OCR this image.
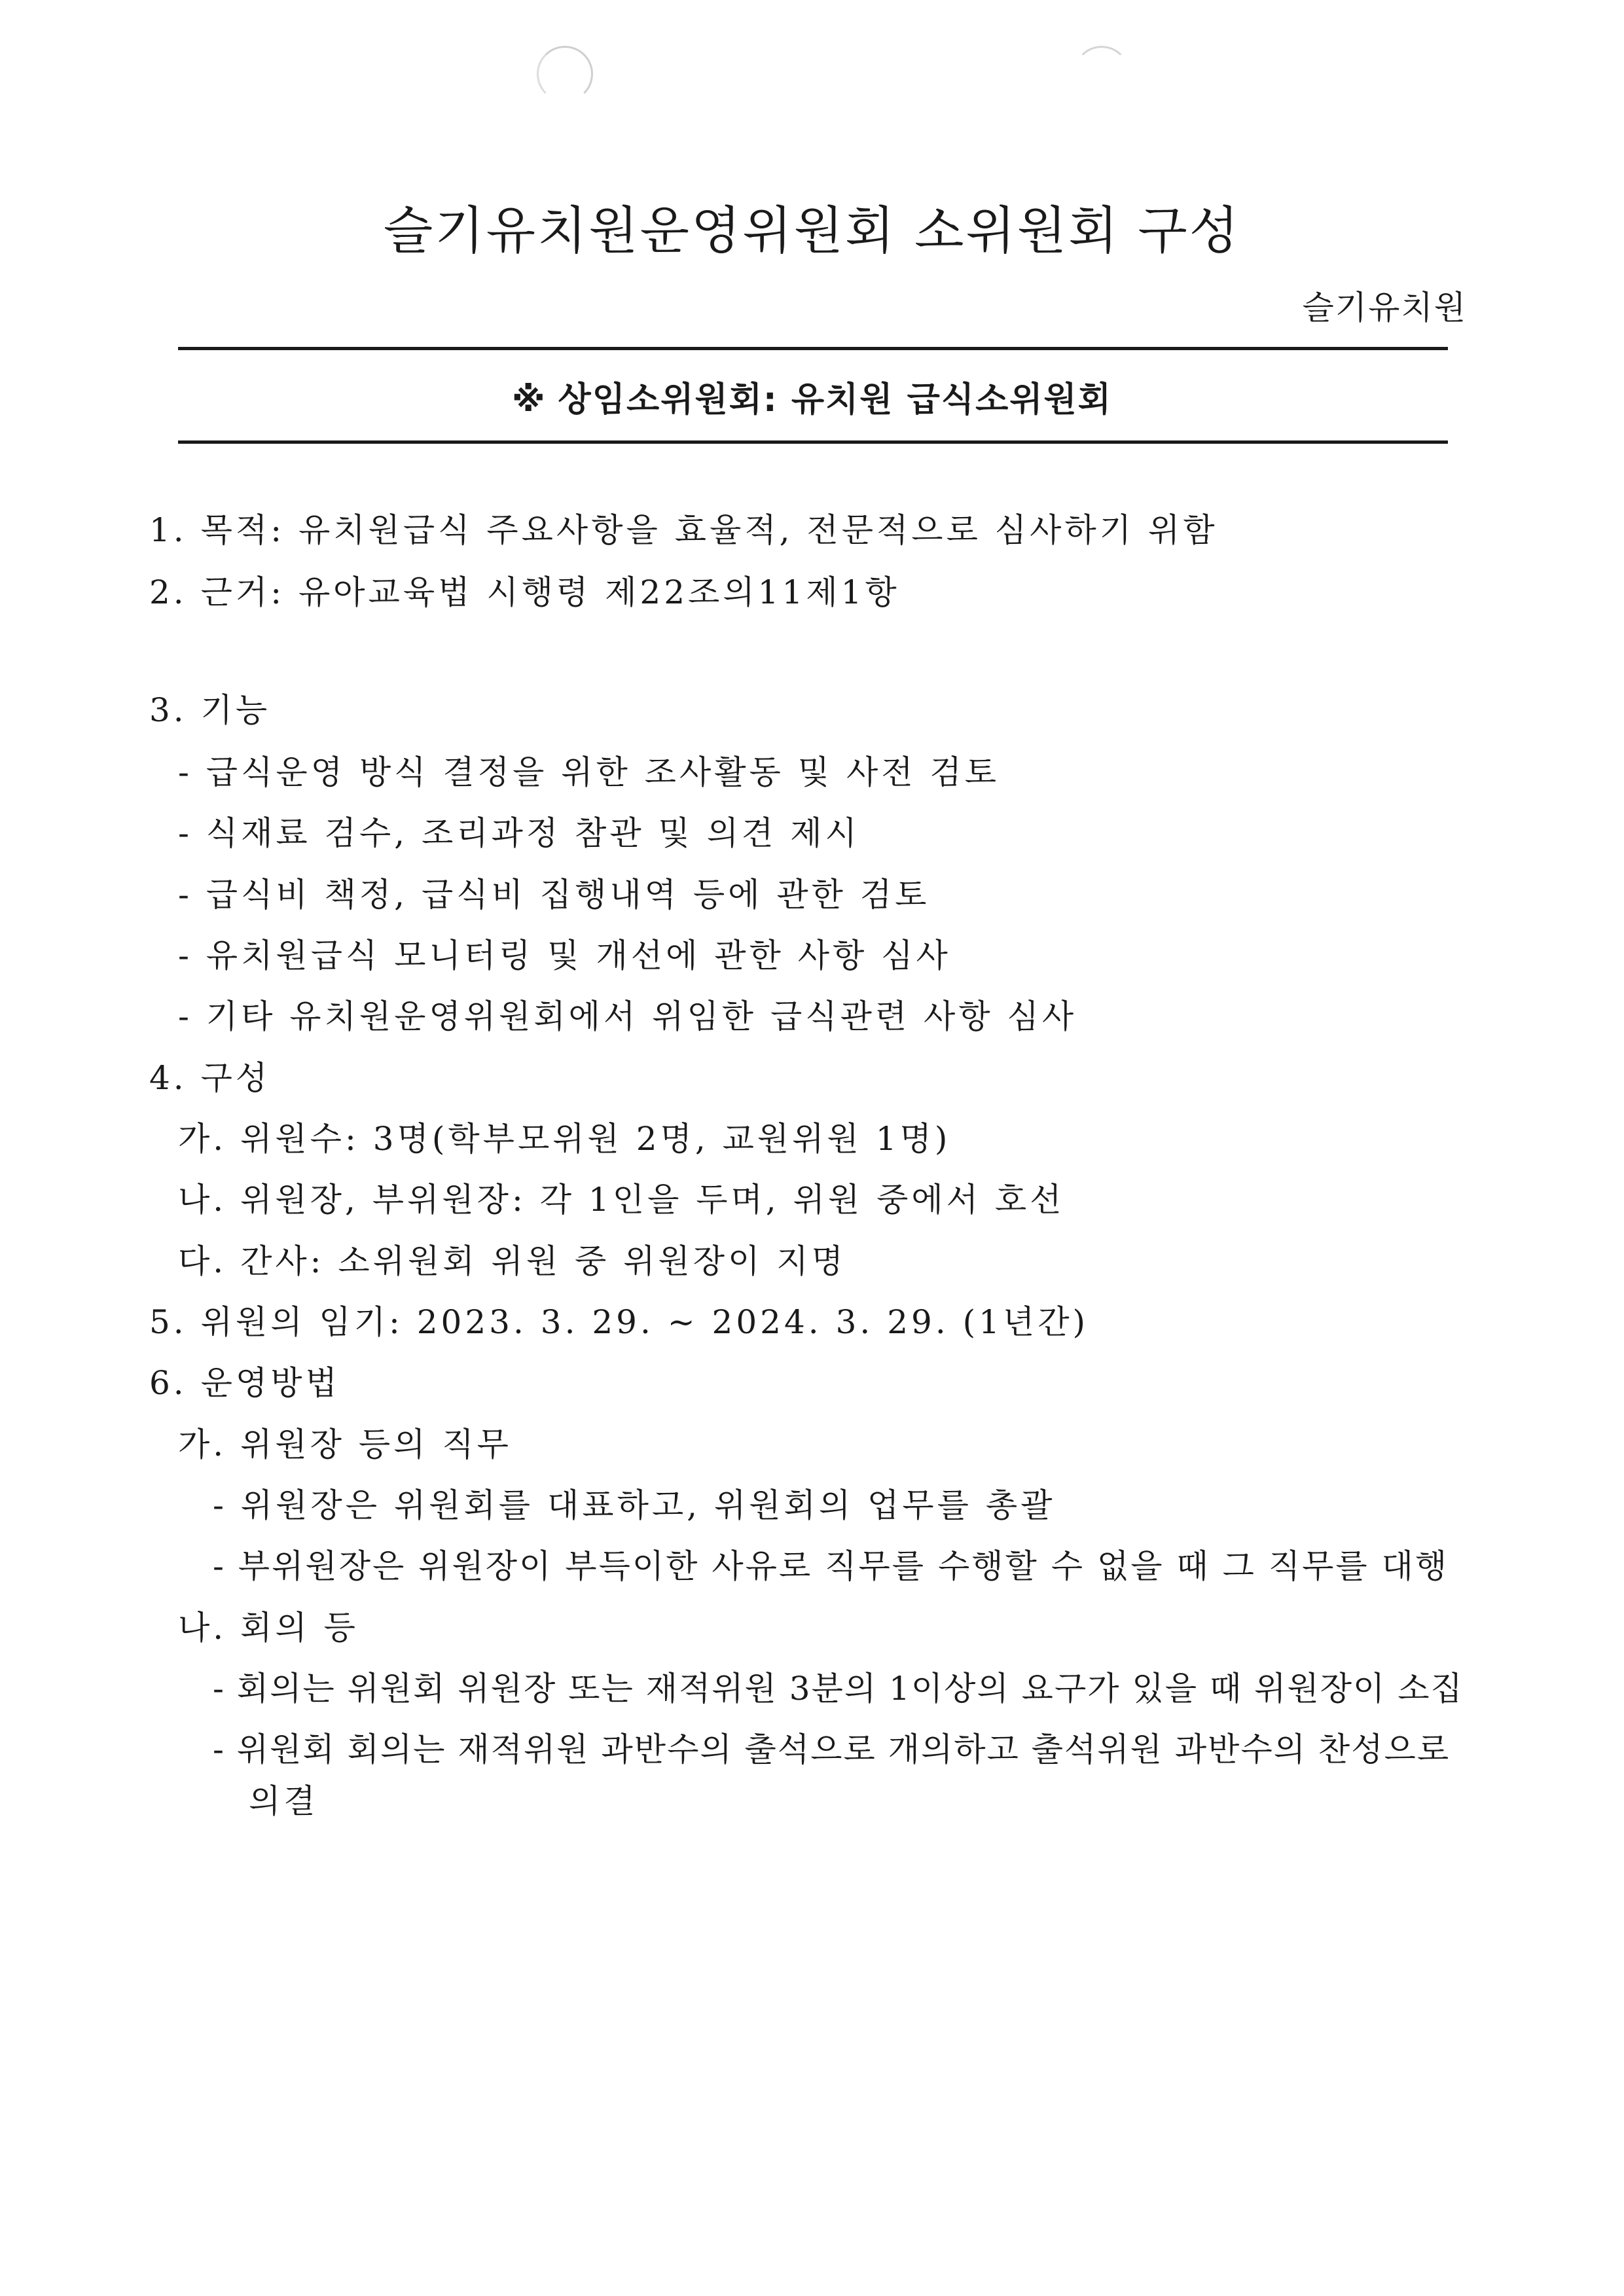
슬기유치원운영위원회 소위원회 구성
슬기유치원
※ 상임소위원회: 유치원 급식소위원회
1. 목적: 유치원급식 주요사항을 효율적, 전문적으로 심사하기 위함
2. 근거: 유아교육법 시행령 제22조의11제1항
3. 기능
- 급식운영 방식 결정을 위한 조사활동 및 사전 검토
- 식재료 검수, 조리과정 참관 및 의견 제시
- 급식비 책정, 급식비 집행내역 등에 관한 검토
- 유치원급식 모니터링 및 개선에 관한 사항 심사
- 기타 유치원운영위원회에서 위임한 급식관련 사항 심사
4. 구성
가. 위원수: 3명(학부모위원 2명, 교원위원 1명)
나. 위원장, 부위원장: 각 1인을 두며, 위원 중에서 호선
다. 간사: 소위원회 위원 중 위원장이 지명
5. 위원의 임기: 2023. 3. 29. ~ 2024. 3. 29. (1년간)
6. 운영방법
가. 위원장 등의 직무
- 위원장은 위원회를 대표하고, 위원회의 업무를 총괄
- 부위원장은 위원장이 부득이한 사유로 직무를 수행할 수 없을 때 그 직무를 대행
나. 회의 등
- 회의는 위원회 위원장 또는 재적위원 3분의 1이상의 요구가 있을 때 위원장이 소집
- 위원회 회의는 재적위원 과반수의 출석으로 개의하고 출석위원 과반수의 찬성으로
의결
